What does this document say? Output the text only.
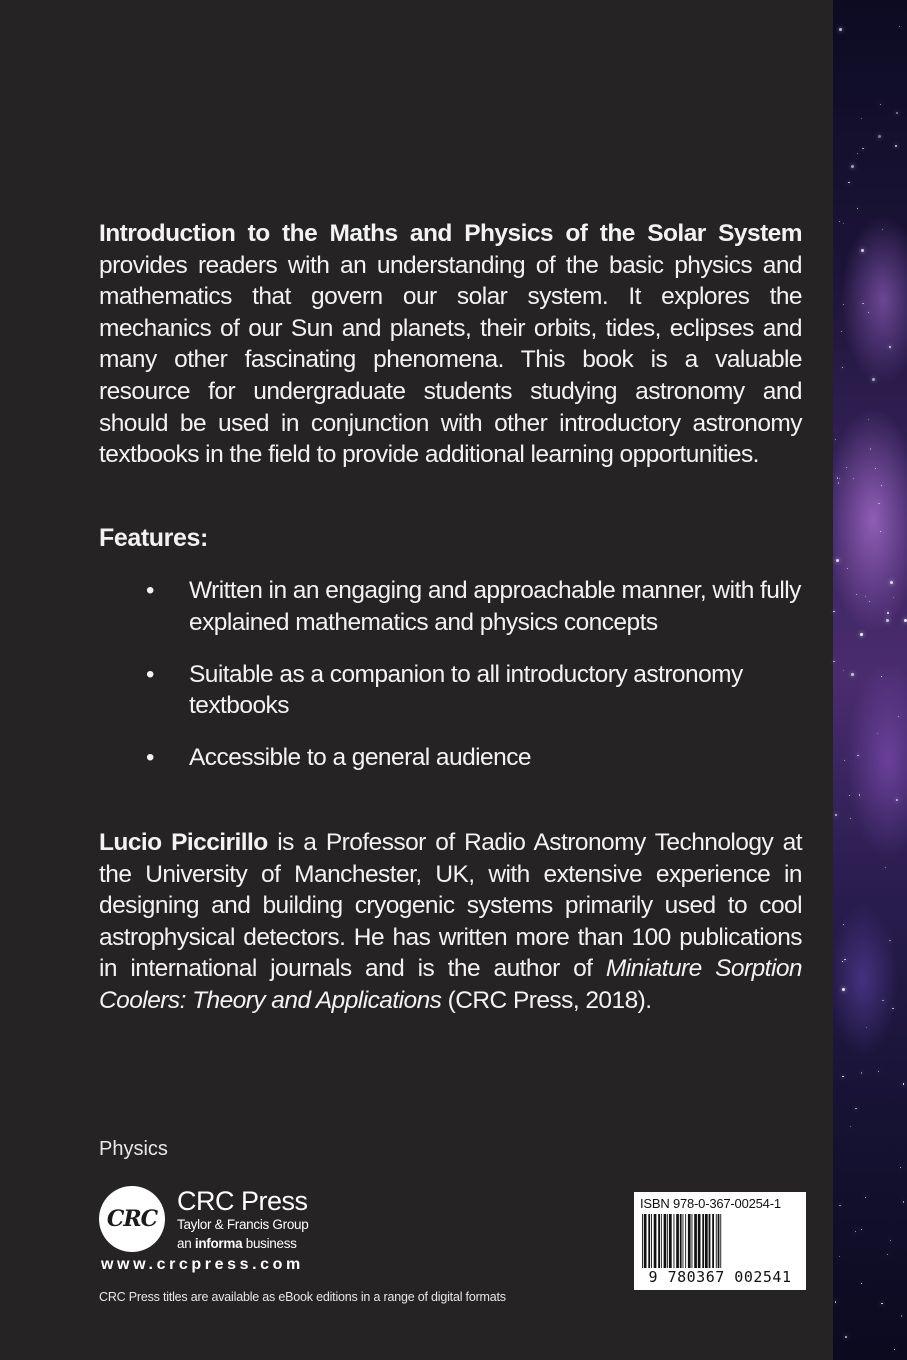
Introduction to the Maths and Physics of the Solar System provides readers with an understanding of the basic physics and mathematics that govern our solar system. It explores the mechanics of our Sun and planets, their orbits, tides, eclipses and many other fascinating phenomena. This book is a valuable resource for undergraduate students studying astronomy and should be used in conjunction with other introductory astronomy textbooks in the field to provide additional learning opportunities.

Features:
• Written in an engaging and approachable manner, with fully explained mathematics and physics concepts
• Suitable as a companion to all introductory astronomy textbooks
• Accessible to a general audience

Lucio Piccirillo is a Professor of Radio Astronomy Technology at the University of Manchester, UK, with extensive experience in designing and building cryogenic systems primarily used to cool astrophysical detectors. He has written more than 100 publications in international journals and is the author of Miniature Sorption Coolers: Theory and Applications (CRC Press, 2018).

Physics
CRC
CRC Press
Taylor & Francis Group
an informa business
www.crcpress.com
CRC Press titles are available as eBook editions in a range of digital formats
ISBN 978-0-367-00254-1
9 780367 002541
